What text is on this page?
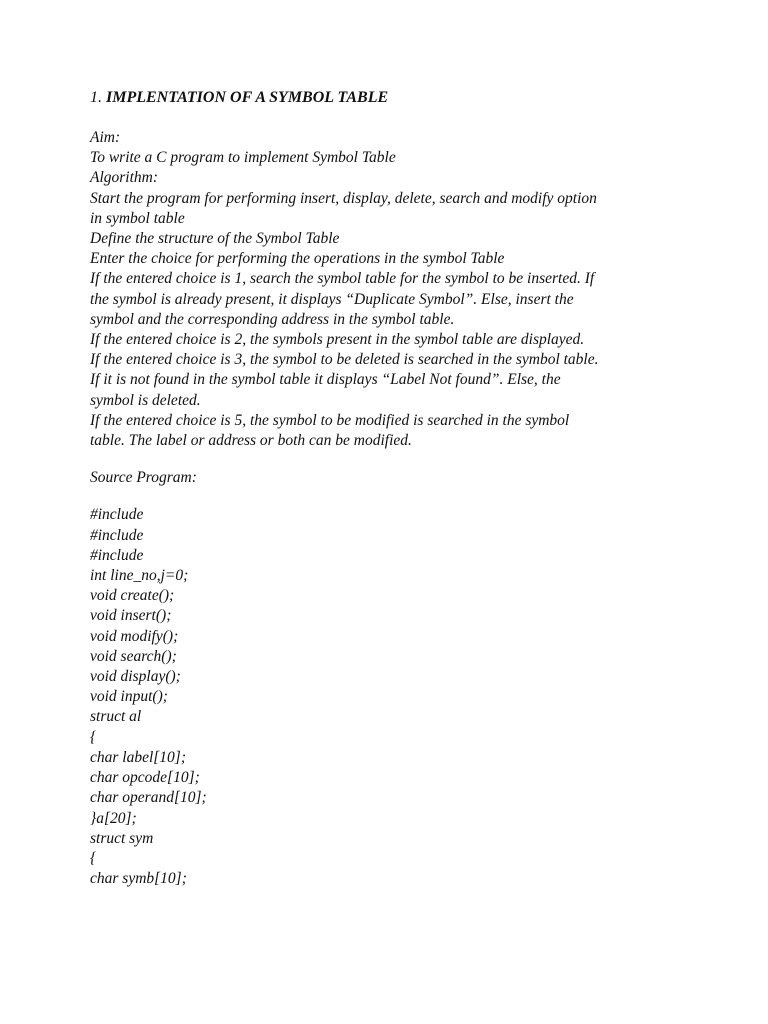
1. IMPLENTATION OF A SYMBOL TABLE
Aim:
To write a C program to implement Symbol Table
Algorithm:
Start the program for performing insert, display, delete, search and modify option
in symbol table
Define the structure of the Symbol Table
Enter the choice for performing the operations in the symbol Table
If the entered choice is 1, search the symbol table for the symbol to be inserted. If
the symbol is already present, it displays “Duplicate Symbol”. Else, insert the
symbol and the corresponding address in the symbol table.
If the entered choice is 2, the symbols present in the symbol table are displayed.
If the entered choice is 3, the symbol to be deleted is searched in the symbol table.
If it is not found in the symbol table it displays “Label Not found”. Else, the
symbol is deleted.
If the entered choice is 5, the symbol to be modified is searched in the symbol
table. The label or address or both can be modified.
Source Program:
#include
#include
#include
int line_no,j=0;
void create();
void insert();
void modify();
void search();
void display();
void input();
struct al
{
char label[10];
char opcode[10];
char operand[10];
}a[20];
struct sym
{
char symb[10];
